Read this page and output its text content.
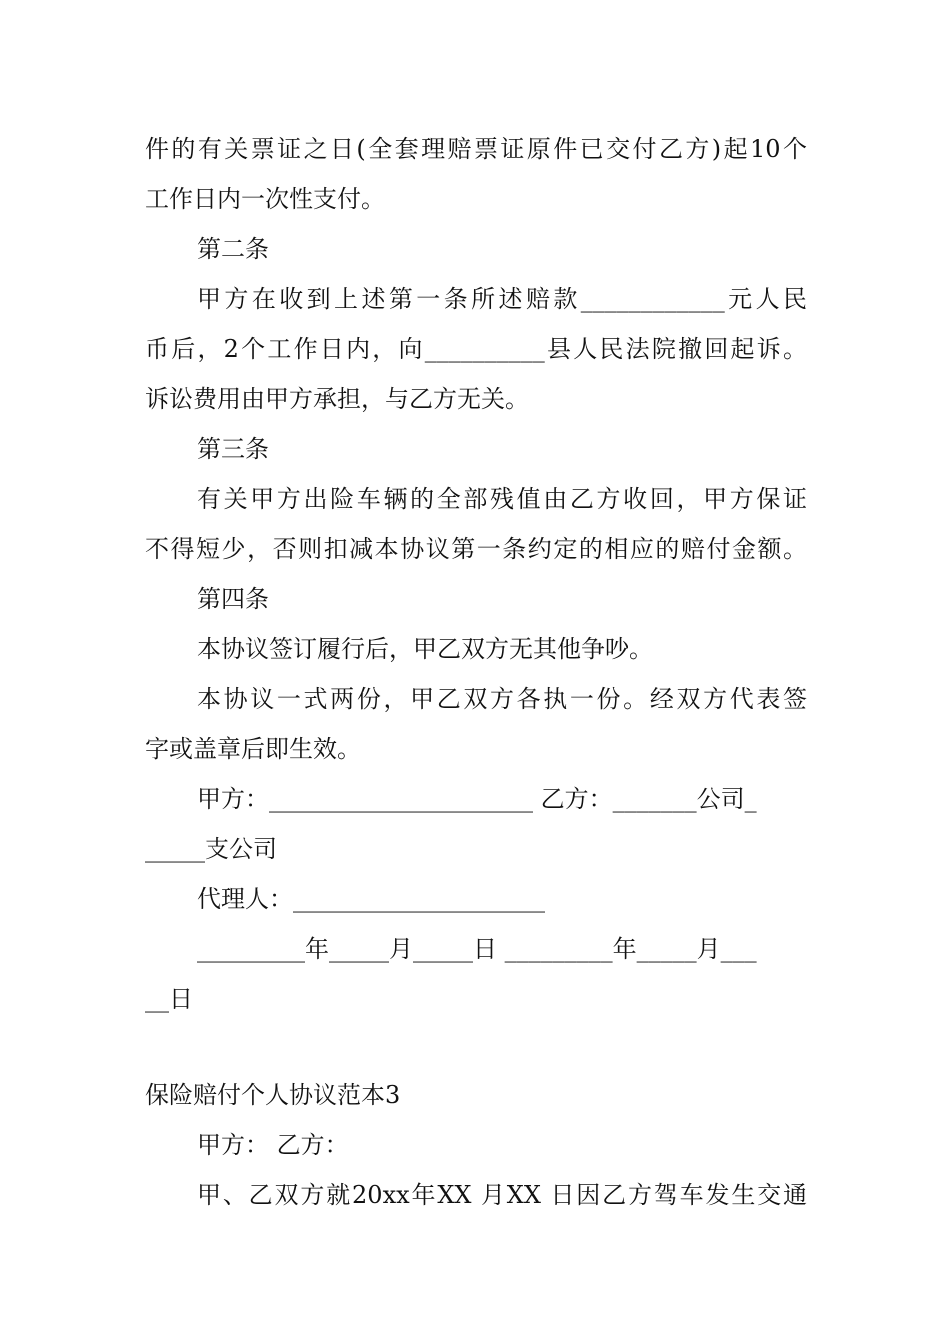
件的有关票证之日(全套理赔票证原件已交付乙方)起10个
工作日内一次性支付。
第二条
甲方在收到上述第一条所述赔款____________元人民
币后，2个工作日内，向__________县人民法院撤回起诉。
诉讼费用由甲方承担，与乙方无关。
第三条
有关甲方出险车辆的全部残值由乙方收回，甲方保证
不得短少，否则扣减本协议第一条约定的相应的赔付金额。
第四条
本协议签订履行后，甲乙双方无其他争吵。
本协议一式两份，甲乙双方各执一份。经双方代表签
字或盖章后即生效。
甲方：______________________ 乙方：_______公司_
_____支公司
代理人：_____________________
_________年_____月_____日 _________年_____月___
__日
保险赔付个人协议范本3
甲方： 乙方：
甲、乙双方就20xx年XX 月XX 日因乙方驾车发生交通
